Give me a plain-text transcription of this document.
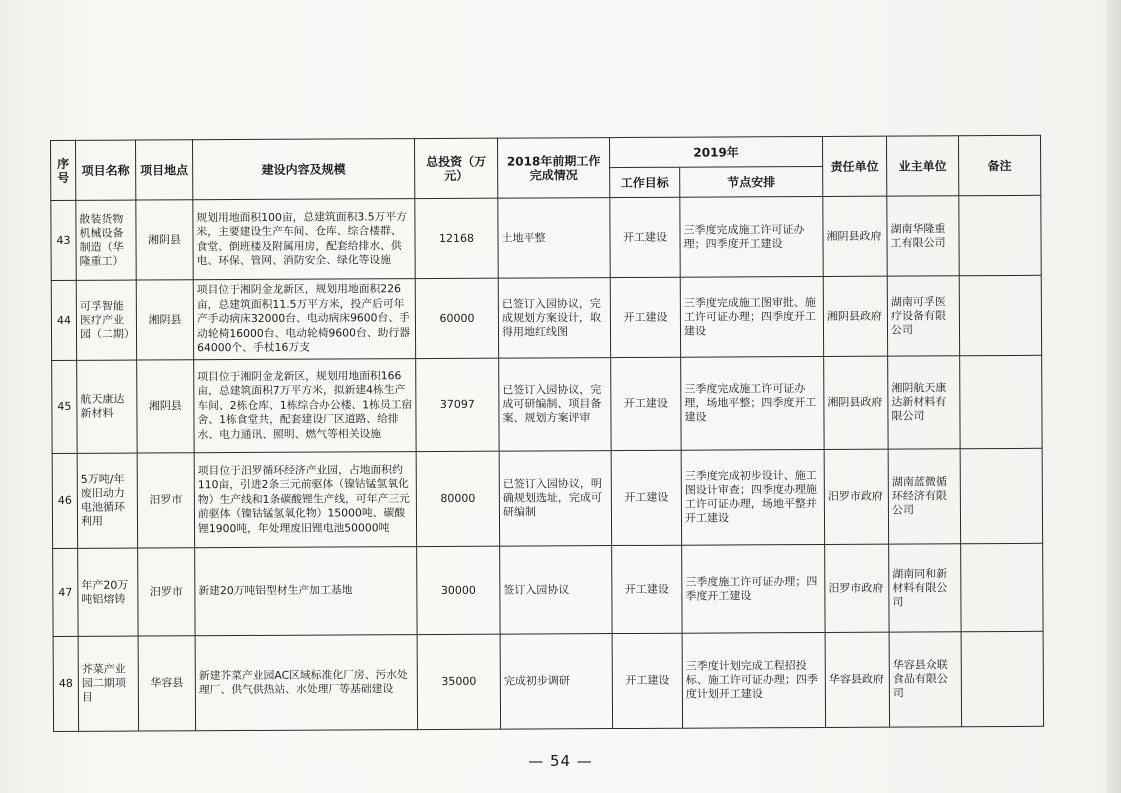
序号	项目名称	项目地点	建设内容及规模	总投资（万元）	2018年前期工作完成情况	2019年		责任单位	业主单位	备注
						工作目标	节点安排			
43	散装货物机械设备制造（华隆重工）	湘阴县	规划用地面积100亩，总建筑面积3.5万平方米，主要建设生产车间、仓库、综合楼群、食堂、倒班楼及附属用房，配套给排水、供电、环保、管网、消防安全、绿化等设施	12168	土地平整	开工建设	三季度完成施工许可证办理；四季度开工建设	湘阴县政府	湖南华隆重工有限公司	
44	可孚智能医疗产业园（二期）	湘阴县	项目位于湘阴金龙新区，规划用地面积226亩，总建筑面积11.5万平方米，投产后可年产手动病床32000台、电动病床9600台、手动轮椅16000台、电动轮椅9600台、助行器64000个、手杖16万支	60000	已签订入园协议，完成规划方案设计，取得用地红线图	开工建设	三季度完成施工图审批、施工许可证办理；四季度开工建设	湘阴县政府	湖南可孚医疗设备有限公司	
45	航天康达新材料	湘阴县	项目位于湘阴金龙新区，规划用地面积166亩，总建筑面积7万平方米，拟新建4栋生产车间、2栋仓库、1栋综合办公楼、1栋员工宿舍、1栋食堂共，配套建设厂区道路、给排水、电力通讯、照明、燃气等相关设施	37097	已签订入园协议，完成可研编制、项目备案、规划方案评审	开工建设	三季度完成施工许可证办理，场地平整；四季度开工建设	湘阴县政府	湘阴航天康达新材料有限公司	
46	5万吨/年废旧动力电池循环利用	汨罗市	项目位于汨罗循环经济产业园，占地面积约110亩，引进2条三元前驱体（镍钴锰氢氧化物）生产线和1条碳酸锂生产线，可年产三元前驱体（镍钴锰氢氧化物）15000吨、碳酸锂1900吨，年处理废旧锂电池50000吨	80000	已签订入园协议，明确规划选址，完成可研编制	开工建设	三季度完成初步设计、施工图设计审查；四季度办理施工许可证办理，场地平整并开工建设	汨罗市政府	湖南蓝微循环经济有限公司	
47	年产20万吨铝熔铸	汨罗市	新建20万吨铝型材生产加工基地	30000	签订入园协议	开工建设	三季度施工许可证办理；四季度开工建设	汨罗市政府	湖南同和新材料有限公司	
48	芥菜产业园二期项目	华容县	新建芥菜产业园AC区域标准化厂房、污水处理厂、供气供热站、水处理厂等基础建设	35000	完成初步调研	开工建设	三季度计划完成工程招投标、施工许可证办理；四季度计划开工建设	华容县政府	华容县众联食品有限公司	
— 54 —
